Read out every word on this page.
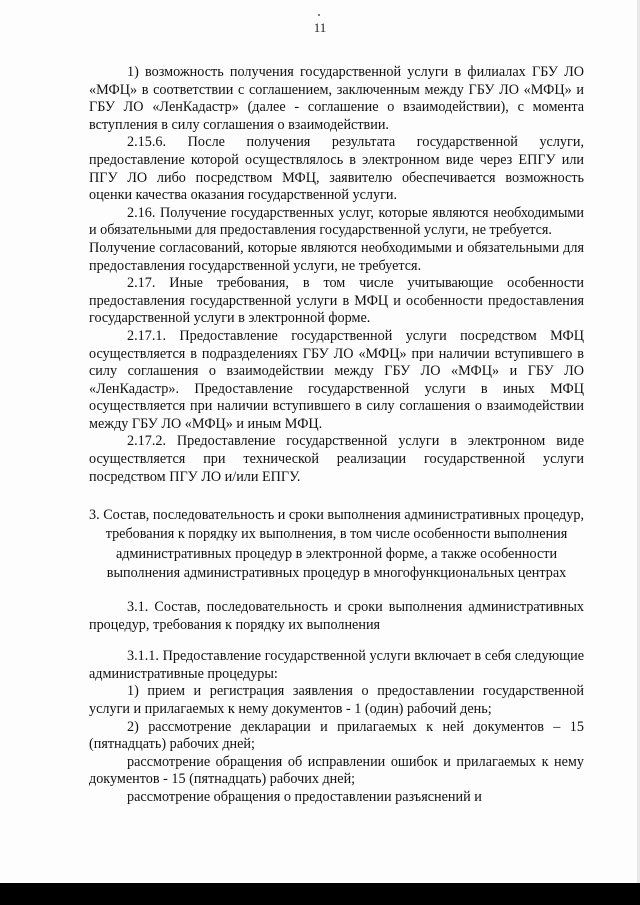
11

1) возможность получения государственной услуги в филиалах ГБУ ЛО «МФЦ» в соответствии с соглашением, заключенным между ГБУ ЛО «МФЦ» и ГБУ ЛО «ЛенКадастр» (далее - соглашение о взаимодействии), с момента вступления в силу соглашения о взаимодействии.

2.15.6. После получения результата государственной услуги, предоставление которой осуществлялось в электронном виде через ЕПГУ или ПГУ ЛО либо посредством МФЦ, заявителю обеспечивается возможность оценки качества оказания государственной услуги.

2.16. Получение государственных услуг, которые являются необходимыми и обязательными для предоставления государственной услуги, не требуется.

Получение согласований, которые являются необходимыми и обязательными для предоставления государственной услуги, не требуется.

2.17. Иные требования, в том числе учитывающие особенности предоставления государственной услуги в МФЦ и особенности предоставления государственной услуги в электронной форме.

2.17.1. Предоставление государственной услуги посредством МФЦ осуществляется в подразделениях ГБУ ЛО «МФЦ» при наличии вступившего в силу соглашения о взаимодействии между ГБУ ЛО «МФЦ» и ГБУ ЛО «ЛенКадастр». Предоставление государственной услуги в иных МФЦ осуществляется при наличии вступившего в силу соглашения о взаимодействии между ГБУ ЛО «МФЦ» и иным МФЦ.

2.17.2. Предоставление государственной услуги в электронном виде осуществляется при технической реализации государственной услуги посредством ПГУ ЛО и/или ЕПГУ.

3. Состав, последовательность и сроки выполнения административных процедур, требования к порядку их выполнения, в том числе особенности выполнения административных процедур в электронной форме, а также особенности выполнения административных процедур в многофункциональных центрах

3.1. Состав, последовательность и сроки выполнения административных процедур, требования к порядку их выполнения

3.1.1. Предоставление государственной услуги включает в себя следующие административные процедуры:

1) прием и регистрация заявления о предоставлении государственной услуги и прилагаемых к нему документов - 1 (один) рабочий день;

2) рассмотрение декларации и прилагаемых к ней документов – 15 (пятнадцать) рабочих дней;

рассмотрение обращения об исправлении ошибок и прилагаемых к нему документов - 15 (пятнадцать) рабочих дней;

рассмотрение обращения о предоставлении разъяснений и
